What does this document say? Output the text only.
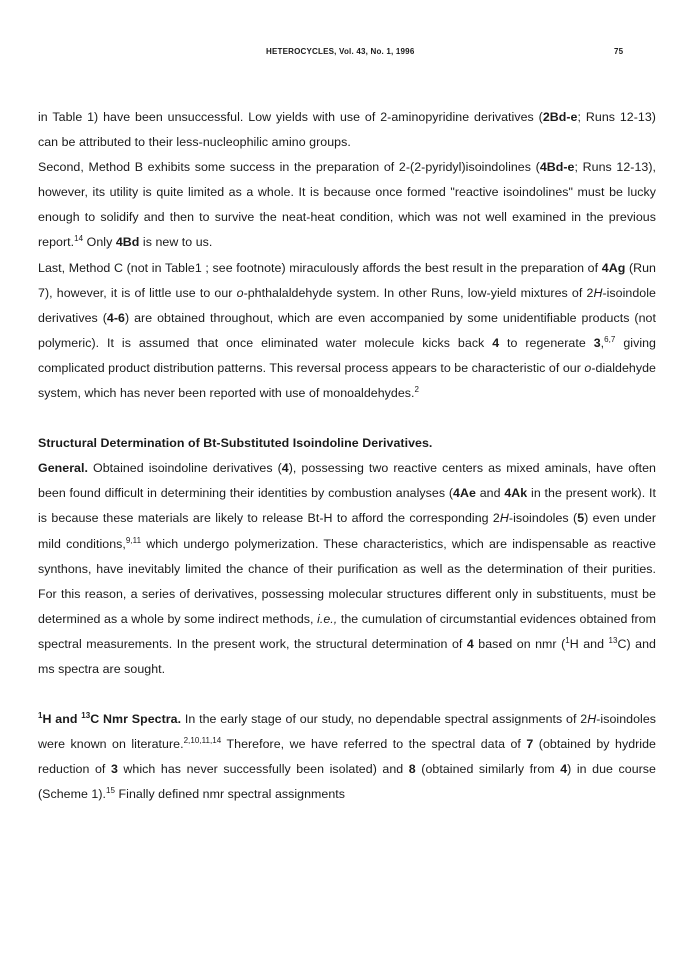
HETEROCYCLES, Vol. 43, No. 1, 1996	75

in Table 1) have been unsuccessful. Low yields with use of 2-aminopyridine derivatives (2Bd-e; Runs 12-13) can be attributed to their less-nucleophilic amino groups.

Second, Method B exhibits some success in the preparation of 2-(2-pyridyl)isoindolines (4Bd-e; Runs 12-13), however, its utility is quite limited as a whole. It is because once formed "reactive isoindolines" must be lucky enough to solidify and then to survive the neat-heat condition, which was not well examined in the previous report.$^{14}$ Only 4Bd is new to us.

Last, Method C (not in Table1 ; see footnote) miraculously affords the best result in the preparation of 4Ag (Run 7), however, it is of little use to our o-phthalaldehyde system. In other Runs, low-yield mixtures of 2H-isoindole derivatives (4-6) are obtained throughout, which are even accompanied by some unidentifiable products (not polymeric). It is assumed that once eliminated water molecule kicks back 4 to regenerate 3,$^{6,7}$ giving complicated product distribution patterns. This reversal process appears to be characteristic of our o-dialdehyde system, which has never been reported with use of monoaldehydes.$^2$

Structural Determination of Bt-Substituted Isoindoline Derivatives.

General. Obtained isoindoline derivatives (4), possessing two reactive centers as mixed aminals, have often been found difficult in determining their identities by combustion analyses (4Ae and 4Ak in the present work). It is because these materials are likely to release Bt-H to afford the corresponding 2H-isoindoles (5) even under mild conditions,$^{9,11}$ which undergo polymerization. These characteristics, which are indispensable as reactive synthons, have inevitably limited the chance of their purification as well as the determination of their purities. For this reason, a series of derivatives, possessing molecular structures different only in substituents, must be determined as a whole by some indirect methods, i.e., the cumulation of circumstantial evidences obtained from spectral measurements. In the present work, the structural determination of 4 based on nmr ($^1$H and $^{13}$C) and ms spectra are sought.

$^1$H and $^{13}$C Nmr Spectra. In the early stage of our study, no dependable spectral assignments of 2H-isoindoles were known on literature.$^{2,10,11,14}$ Therefore, we have referred to the spectral data of 7 (obtained by hydride reduction of 3 which has never successfully been isolated) and 8 (obtained similarly from 4) in due course (Scheme 1).$^{15}$ Finally defined nmr spectral assignments
